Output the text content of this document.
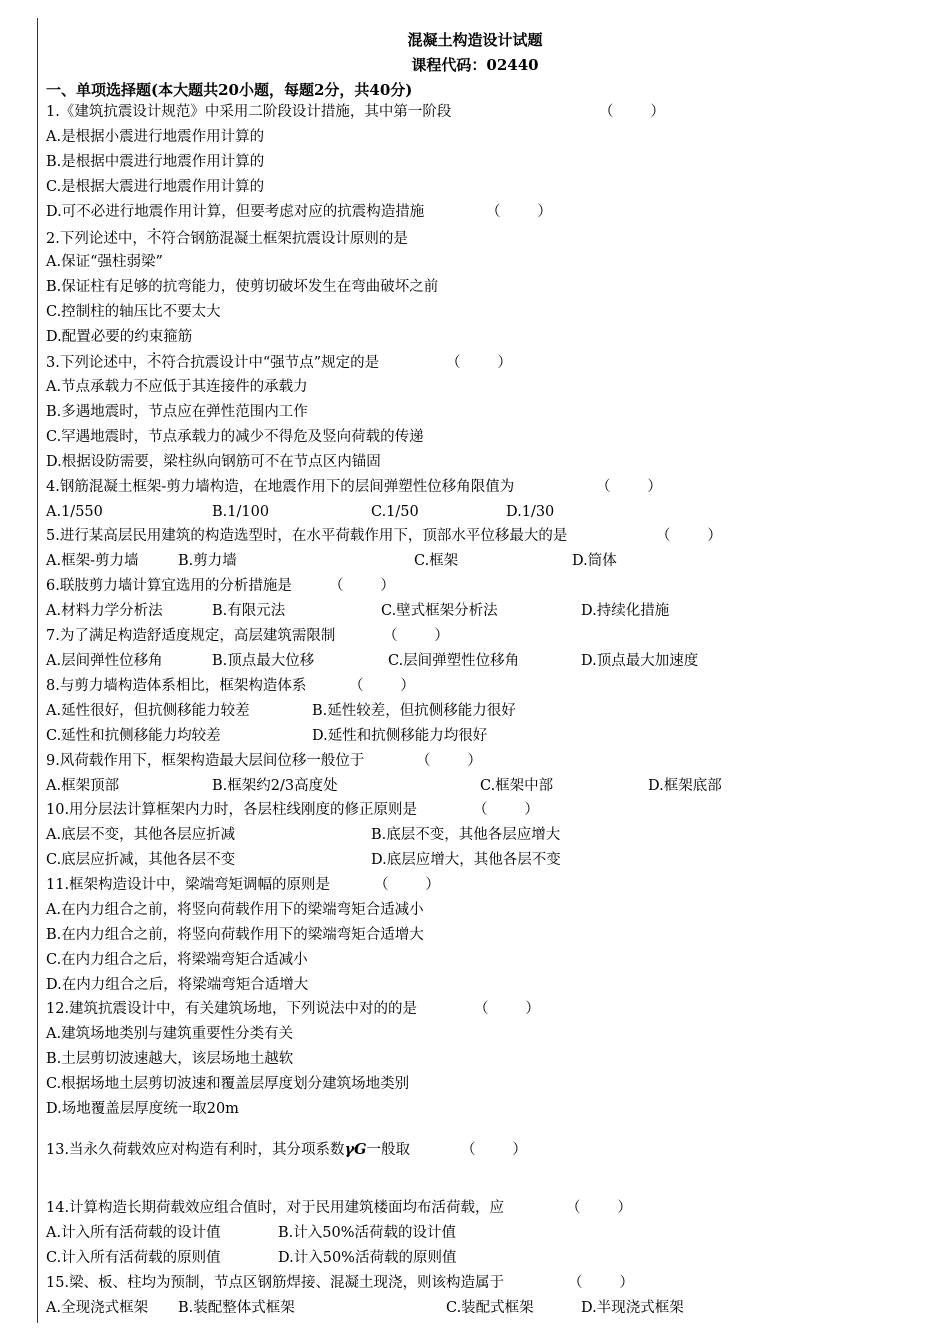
混凝土构造设计试题
课程代码：02440
一、单项选择题(本大题共20小题，每题2分，共40分)
1.《建筑抗震设计规范》中采用二阶段设计措施，其中第一阶段	（        ）
A.是根据小震进行地震作用计算的
B.是根据中震进行地震作用计算的
C.是根据大震进行地震作用计算的
D.可不必进行地震作用计算，但要考虑对应的抗震构造措施	（        ）
2.下列论述中，不符合钢筋混凝土框架抗震设计原则的是
A.保证“强柱弱梁”
B.保证柱有足够的抗弯能力，使剪切破坏发生在弯曲破坏之前
C.控制柱的轴压比不要太大
D.配置必要的约束箍筋
3.下列论述中，不符合抗震设计中“强节点”规定的是	（        ）
A.节点承载力不应低于其连接件的承载力
B.多遇地震时，节点应在弹性范围内工作
C.罕遇地震时，节点承载力的减少不得危及竖向荷载的传递
D.根据设防需要，梁柱纵向钢筋可不在节点区内锚固
4.钢筋混凝土框架-剪力墙构造，在地震作用下的层间弹塑性位移角限值为	（        ）
A.1/550	B.1/100	C.1/50	D.1/30
5.进行某高层民用建筑的构造选型时，在水平荷载作用下，顶部水平位移最大的是	（        ）
A.框架-剪力墙	B.剪力墙	C.框架	D.筒体
6.联肢剪力墙计算宜选用的分析措施是	（        ）
A.材料力学分析法	B.有限元法	C.壁式框架分析法	D.持续化措施
7.为了满足构造舒适度规定，高层建筑需限制	（        ）
A.层间弹性位移角	B.顶点最大位移	C.层间弹塑性位移角	D.顶点最大加速度
8.与剪力墙构造体系相比，框架构造体系	（        ）
A.延性很好，但抗侧移能力较差	B.延性较差，但抗侧移能力很好
C.延性和抗侧移能力均较差	D.延性和抗侧移能力均很好
9.风荷载作用下，框架构造最大层间位移一般位于	（        ）
A.框架顶部	B.框架约2/3高度处	C.框架中部	D.框架底部
10.用分层法计算框架内力时，各层柱线刚度的修正原则是	（        ）
A.底层不变，其他各层应折减	B.底层不变，其他各层应增大
C.底层应折减，其他各层不变	D.底层应增大，其他各层不变
11.框架构造设计中，梁端弯矩调幅的原则是	（        ）
A.在内力组合之前，将竖向荷载作用下的梁端弯矩合适减小
B.在内力组合之前，将竖向荷载作用下的梁端弯矩合适增大
C.在内力组合之后，将梁端弯矩合适减小
D.在内力组合之后，将梁端弯矩合适增大
12.建筑抗震设计中，有关建筑场地，下列说法中对的的是	（        ）
A.建筑场地类别与建筑重要性分类有关
B.土层剪切波速越大，该层场地土越软
C.根据场地土层剪切波速和覆盖层厚度划分建筑场地类别
D.场地覆盖层厚度统一取20m
13.当永久荷载效应对构造有利时，其分项系数γG一般取	（        ）
14.计算构造长期荷载效应组合值时，对于民用建筑楼面均布活荷载，应	（        ）
A.计入所有活荷载的设计值	B.计入50%活荷载的设计值
C.计入所有活荷载的原则值	D.计入50%活荷载的原则值
15.梁、板、柱均为预制，节点区钢筋焊接、混凝土现浇，则该构造属于	（        ）
A.全现浇式框架 B.装配整体式框架	C.装配式框架	D.半现浇式框架
